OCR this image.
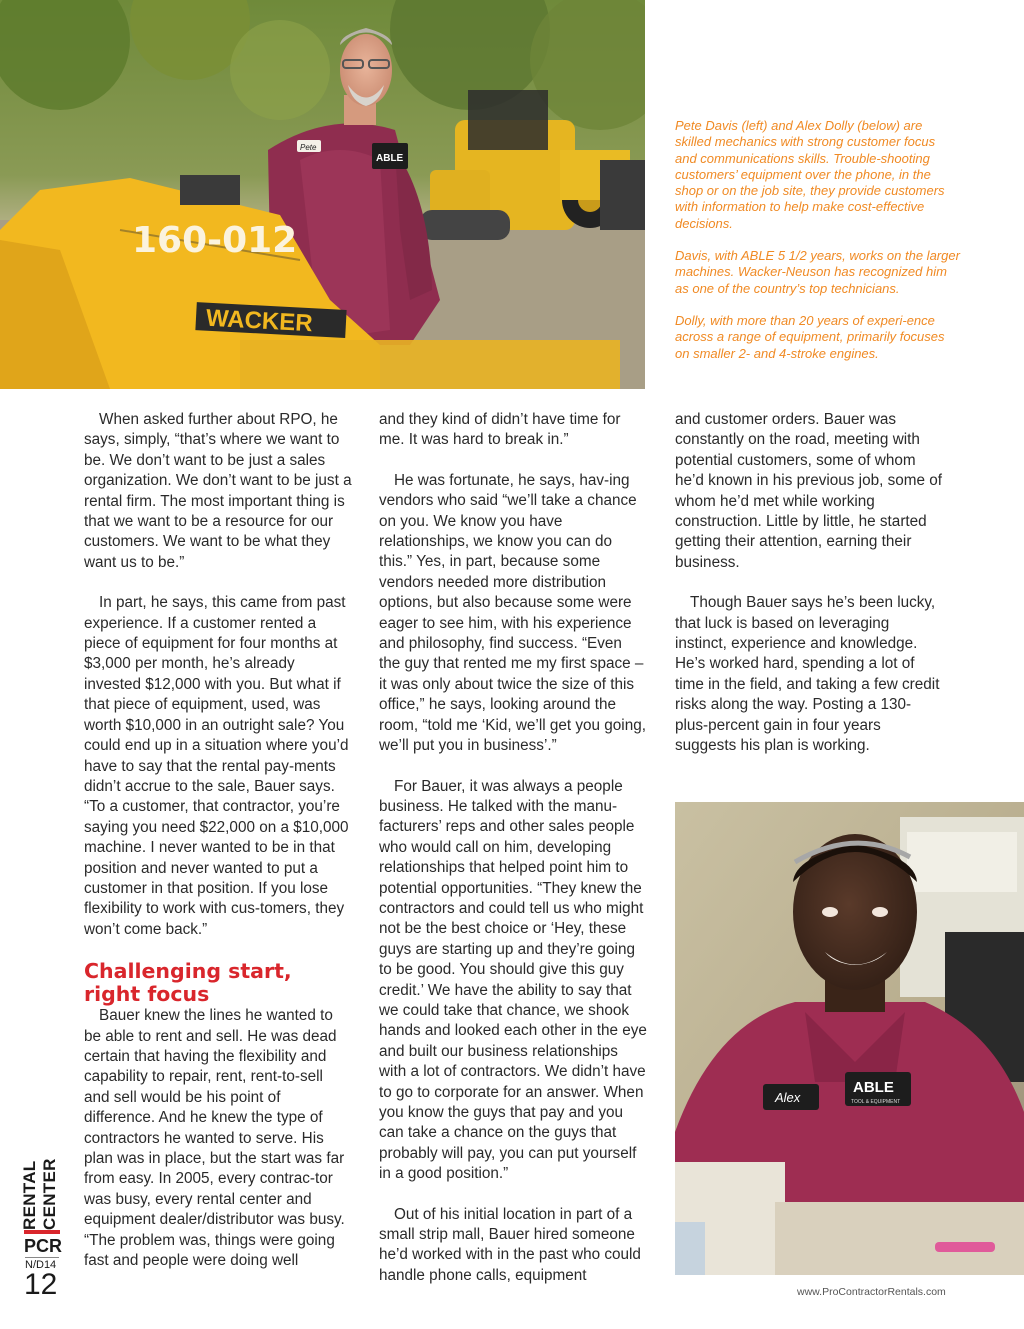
Pete
ABLE
160-012
WACKER

Pete Davis (left) and Alex Dolly (below) are skilled mechanics with strong customer focus and communications skills. Trouble-shooting customers’ equipment over the phone, in the shop or on the job site, they provide customers with information to help make cost-effective decisions.

Davis, with ABLE 5 1/2 years, works on the larger machines. Wacker-Neuson has recognized him as one of the country’s top technicians.

Dolly, with more than 20 years of experi-ence across a range of equipment, primarily focuses on smaller 2- and 4-stroke engines.

When asked further about RPO, he says, simply, “that’s where we want to be. We don’t want to be just a sales organization. We don’t want to be just a rental firm. The most important thing is that we want to be a resource for our customers. We want to be what they want us to be.”

In part, he says, this came from past experience. If a customer rented a piece of equipment for four months at $3,000 per month, he’s already invested $12,000 with you. But what if that piece of equipment, used, was worth $10,000 in an outright sale? You could end up in a situation where you’d have to say that the rental pay-ments didn’t accrue to the sale, Bauer says. “To a customer, that contractor, you’re saying you need $22,000 on a $10,000 machine. I never wanted to be in that position and never wanted to put a customer in that position. If you lose flexibility to work with cus-tomers, they won’t come back.”

Challenging start,
right focus

Bauer knew the lines he wanted to be able to rent and sell. He was dead certain that having the flexibility and capability to repair, rent, rent-to-sell and sell would be his point of difference. And he knew the type of contractors he wanted to serve. His plan was in place, but the start was far from easy. In 2005, every contrac-tor was busy, every rental center and equipment dealer/distributor was busy. “The problem was, things were going fast and people were doing well

and they kind of didn’t have time for me. It was hard to break in.”

He was fortunate, he says, hav-ing vendors who said “we’ll take a chance on you. We know you have relationships, we know you can do this.” Yes, in part, because some vendors needed more distribution options, but also because some were eager to see him, with his experience and philosophy, find success. “Even the guy that rented me my first space – it was only about twice the size of this office,” he says, looking around the room, “told me ‘Kid, we’ll get you going, we’ll put you in business’.”

For Bauer, it was always a people business. He talked with the manu-facturers’ reps and other sales people who would call on him, developing relationships that helped point him to potential opportunities. “They knew the contractors and could tell us who might not be the best choice or ‘Hey, these guys are starting up and they’re going to be good. You should give this guy credit.’ We have the ability to say that we could take that chance, we shook hands and looked each other in the eye and built our business relationships with a lot of contractors. We didn’t have to go to corporate for an answer. When you know the guys that pay and you can take a chance on the guys that probably will pay, you can put yourself in a good position.”

Out of his initial location in part of a small strip mall, Bauer hired someone he’d worked with in the past who could handle phone calls, equipment

and customer orders. Bauer was constantly on the road, meeting with potential customers, some of whom he’d known in his previous job, some of whom he’d met while working construction. Little by little, he started getting their attention, earning their business.

Though Bauer says he’s been lucky, that luck is based on leveraging instinct, experience and knowledge. He’s worked hard, spending a lot of time in the field, and taking a few credit risks along the way. Posting a 130-plus-percent gain in four years suggests his plan is working.

Alex
ABLE
TOOL & EQUIPMENT
RENTAL CENTER
PCR
N/D14
12	www.ProContractorRentals.com
